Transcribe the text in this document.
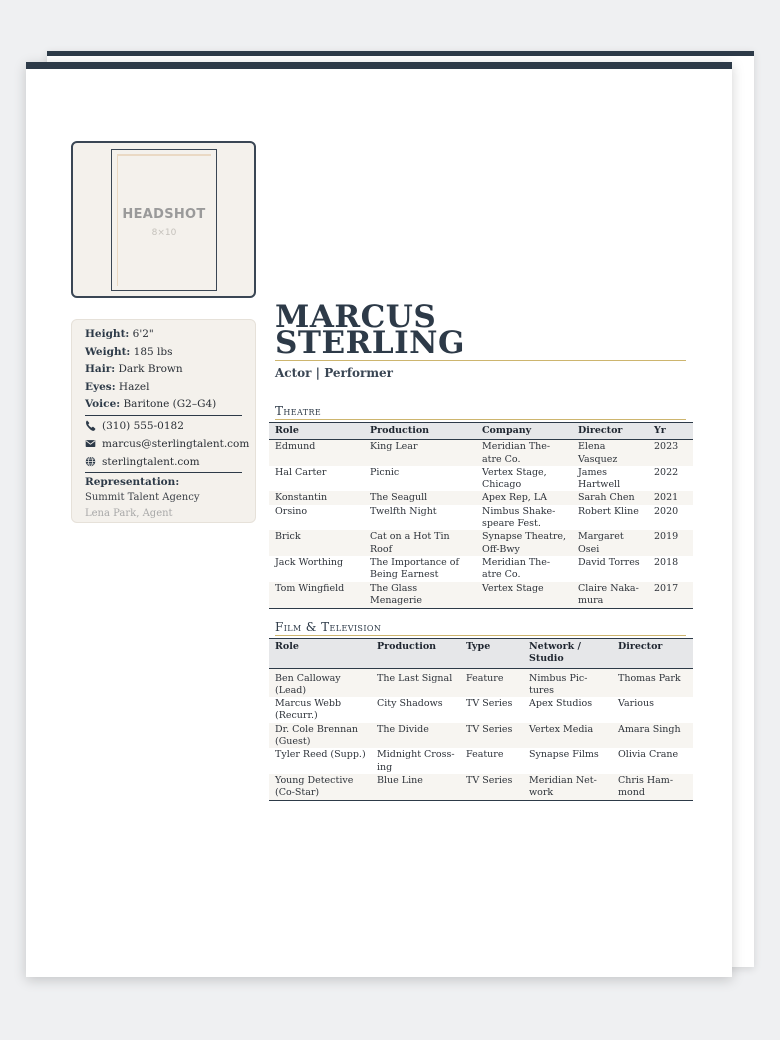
HEADSHOT
8×10
Height: 6'2"
Weight: 185 lbs
Hair: Dark Brown
Eyes: Hazel
Voice: Baritone (G2–G4)
(310) 555-0182
marcus@sterlingtalent.com
sterlingtalent.com
Representation:
Summit Talent Agency
Lena Park, Agent
MARCUS
STERLING
Actor | Performer
Theatre
Role	Production	Company	Director	Yr
Edmund	King Lear	Meridian The-atre Co.	Elena Vasquez	2023
Hal Carter	Picnic	Vertex Stage, Chicago	James Hartwell	2022
Konstantin	The Seagull	Apex Rep, LA	Sarah Chen	2021
Orsino	Twelfth Night	Nimbus Shake-speare Fest.	Robert Kline	2020
Brick	Cat on a Hot Tin Roof	Synapse Theatre, Off-Bwy	Margaret Osei	2019
Jack Worthing	The Importance of Being Earnest	Meridian The-atre Co.	David Torres	2018
Tom Wingfield	The Glass Menagerie	Vertex Stage	Claire Naka-mura	2017
Film & Television
Role	Production	Type	Network / Studio	Director
Ben Calloway (Lead)	The Last Signal	Feature	Nimbus Pic-tures	Thomas Park
Marcus Webb (Recurr.)	City Shadows	TV Series	Apex Studios	Various
Dr. Cole Brennan (Guest)	The Divide	TV Series	Vertex Media	Amara Singh
Tyler Reed (Supp.)	Midnight Cross-ing	Feature	Synapse Films	Olivia Crane
Young Detective (Co-Star)	Blue Line	TV Series	Meridian Net-work	Chris Ham-mond
